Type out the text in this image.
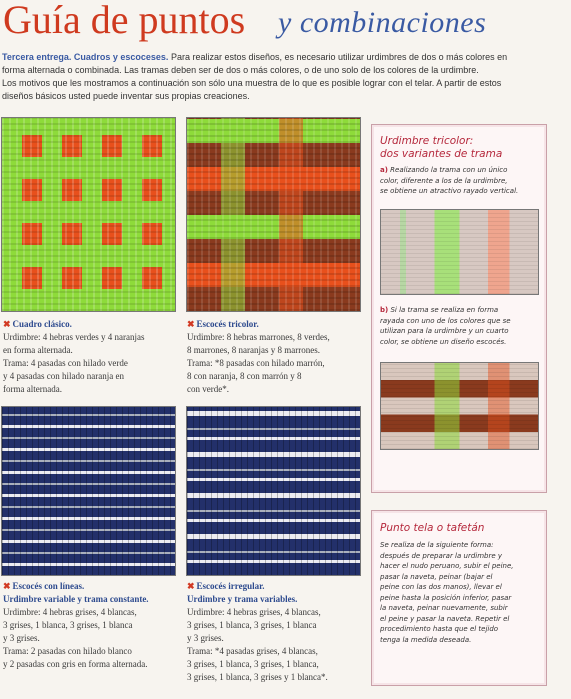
Guía de puntos y combinaciones
Tercera entrega. Cuadros y escoceses. Para realizar estos diseños, es necesario utilizar urdimbres de dos o más colores en
forma alternada o combinada. Las tramas deben ser de dos o más colores, o de uno solo de los colores de la urdimbre.
Los motivos que les mostramos a continuación son sólo una muestra de lo que es posible lograr con el telar. A partir de estos
diseños básicos usted puede inventar sus propias creaciones.
✖ Cuadro clásico.
Urdimbre: 4 hebras verdes y 4 naranjas
en forma alternada.
Trama: 4 pasadas con hilado verde
y 4 pasadas con hilado naranja en
forma alternada.
✖ Escocés tricolor.
Urdimbre: 8 hebras marrones, 8 verdes,
8 marrones, 8 naranjas y 8 marrones.
Trama: *8 pasadas con hilado marrón,
8 con naranja, 8 con marrón y 8
con verde*.
✖ Escocés con líneas.
Urdimbre variable y trama constante.
Urdimbre: 4 hebras grises, 4 blancas,
3 grises, 1 blanca, 3 grises, 1 blanca
y 3 grises.
Trama: 2 pasadas con hilado blanco
y 2 pasadas con gris en forma alternada.
✖ Escocés irregular.
Urdimbre y trama variables.
Urdimbre: 4 hebras grises, 4 blancas,
3 grises, 1 blanca, 3 grises, 1 blanca
y 3 grises.
Trama: *4 pasadas grises, 4 blancas,
3 grises, 1 blanca, 3 grises, 1 blanca,
3 grises, 1 blanca, 3 grises y 1 blanca*.
Urdimbre tricolor:
dos variantes de trama
a) Realizando la trama con un único
color, diferente a los de la urdimbre,
se obtiene un atractivo rayado vertical.
b) Si la trama se realiza en forma
rayada con uno de los colores que se
utilizan para la urdimbre y un cuarto
color, se obtiene un diseño escocés.
Punto tela o tafetán
Se realiza de la siguiente forma:
después de preparar la urdimbre y
hacer el nudo peruano, subir el peine,
pasar la naveta, peinar (bajar el
peine con las dos manos), llevar el
peine hasta la posición inferior, pasar
la naveta, peinar nuevamente, subir
el peine y pasar la naveta. Repetir el
procedimiento hasta que el tejido
tenga la medida deseada.
